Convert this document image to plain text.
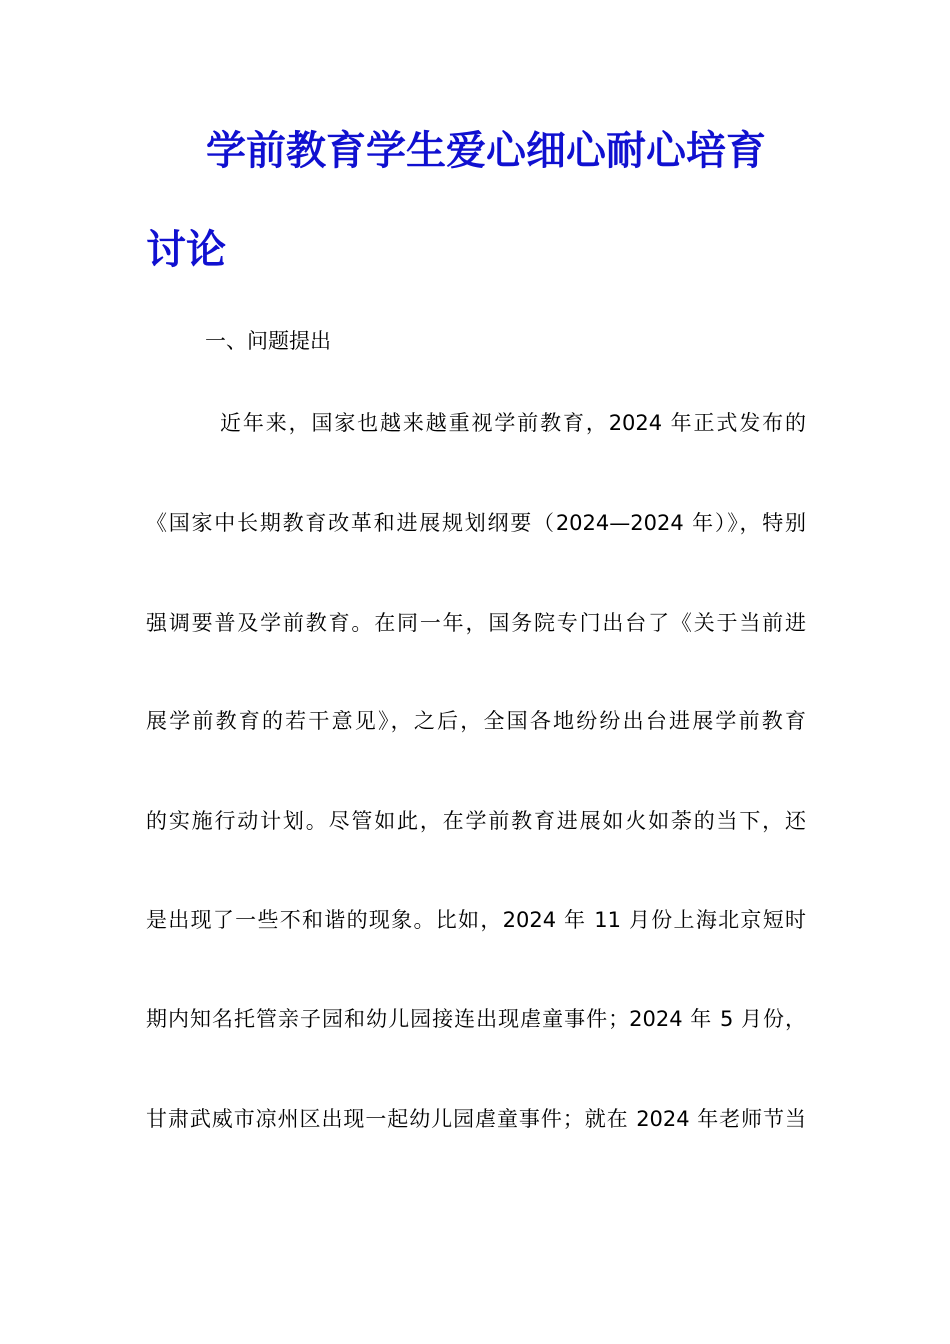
学前教育学生爱心细心耐心培育
讨论
一、问题提出
近年来，国家也越来越重视学前教育，2024 年正式发布的
《国家中长期教育改革和进展规划纲要（2024—2024 年）》，特别
强调要普及学前教育。在同一年，国务院专门出台了《关于当前进
展学前教育的若干意见》，之后，全国各地纷纷出台进展学前教育
的实施行动计划。尽管如此，在学前教育进展如火如荼的当下，还
是出现了一些不和谐的现象。比如，2024 年 11 月份上海北京短时
期内知名托管亲子园和幼儿园接连出现虐童事件；2024 年 5 月份，
甘肃武威市凉州区出现一起幼儿园虐童事件；就在 2024 年老师节当
